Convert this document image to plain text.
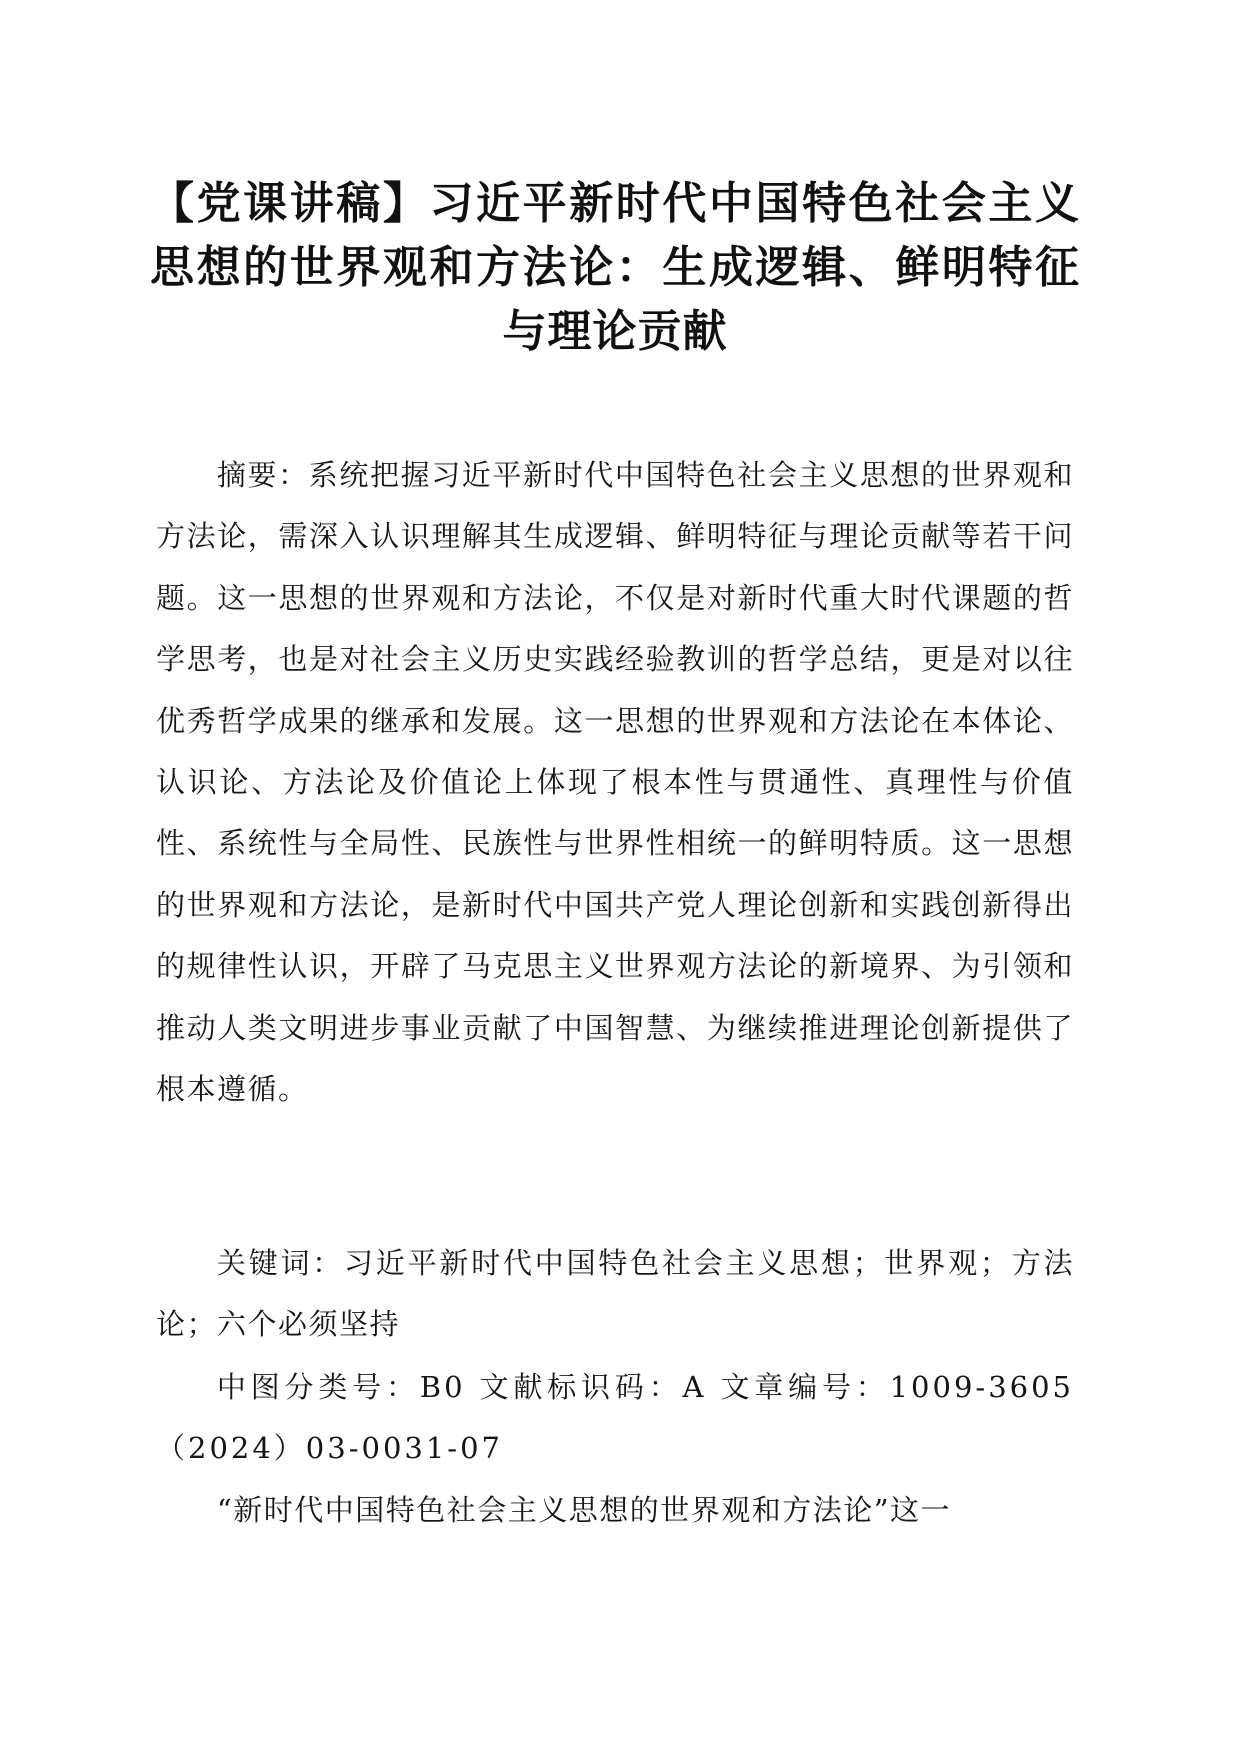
【党课讲稿】习近平新时代中国特色社会主义思想的世界观和方法论：生成逻辑、鲜明特征与理论贡献

摘要：系统把握习近平新时代中国特色社会主义思想的世界观和方法论，需深入认识理解其生成逻辑、鲜明特征与理论贡献等若干问题。这一思想的世界观和方法论，不仅是对新时代重大时代课题的哲学思考，也是对社会主义历史实践经验教训的哲学总结，更是对以往优秀哲学成果的继承和发展。这一思想的世界观和方法论在本体论、认识论、方法论及价值论上体现了根本性与贯通性、真理性与价值性、系统性与全局性、民族性与世界性相统一的鲜明特质。这一思想的世界观和方法论，是新时代中国共产党人理论创新和实践创新得出的规律性认识，开辟了马克思主义世界观方法论的新境界、为引领和推动人类文明进步事业贡献了中国智慧、为继续推进理论创新提供了根本遵循。

关键词：习近平新时代中国特色社会主义思想；世界观；方法论；六个必须坚持

中图分类号：B0 文献标识码：A 文章编号：1009-3605（2024）03-0031-07

“新时代中国特色社会主义思想的世界观和方法论”这一
